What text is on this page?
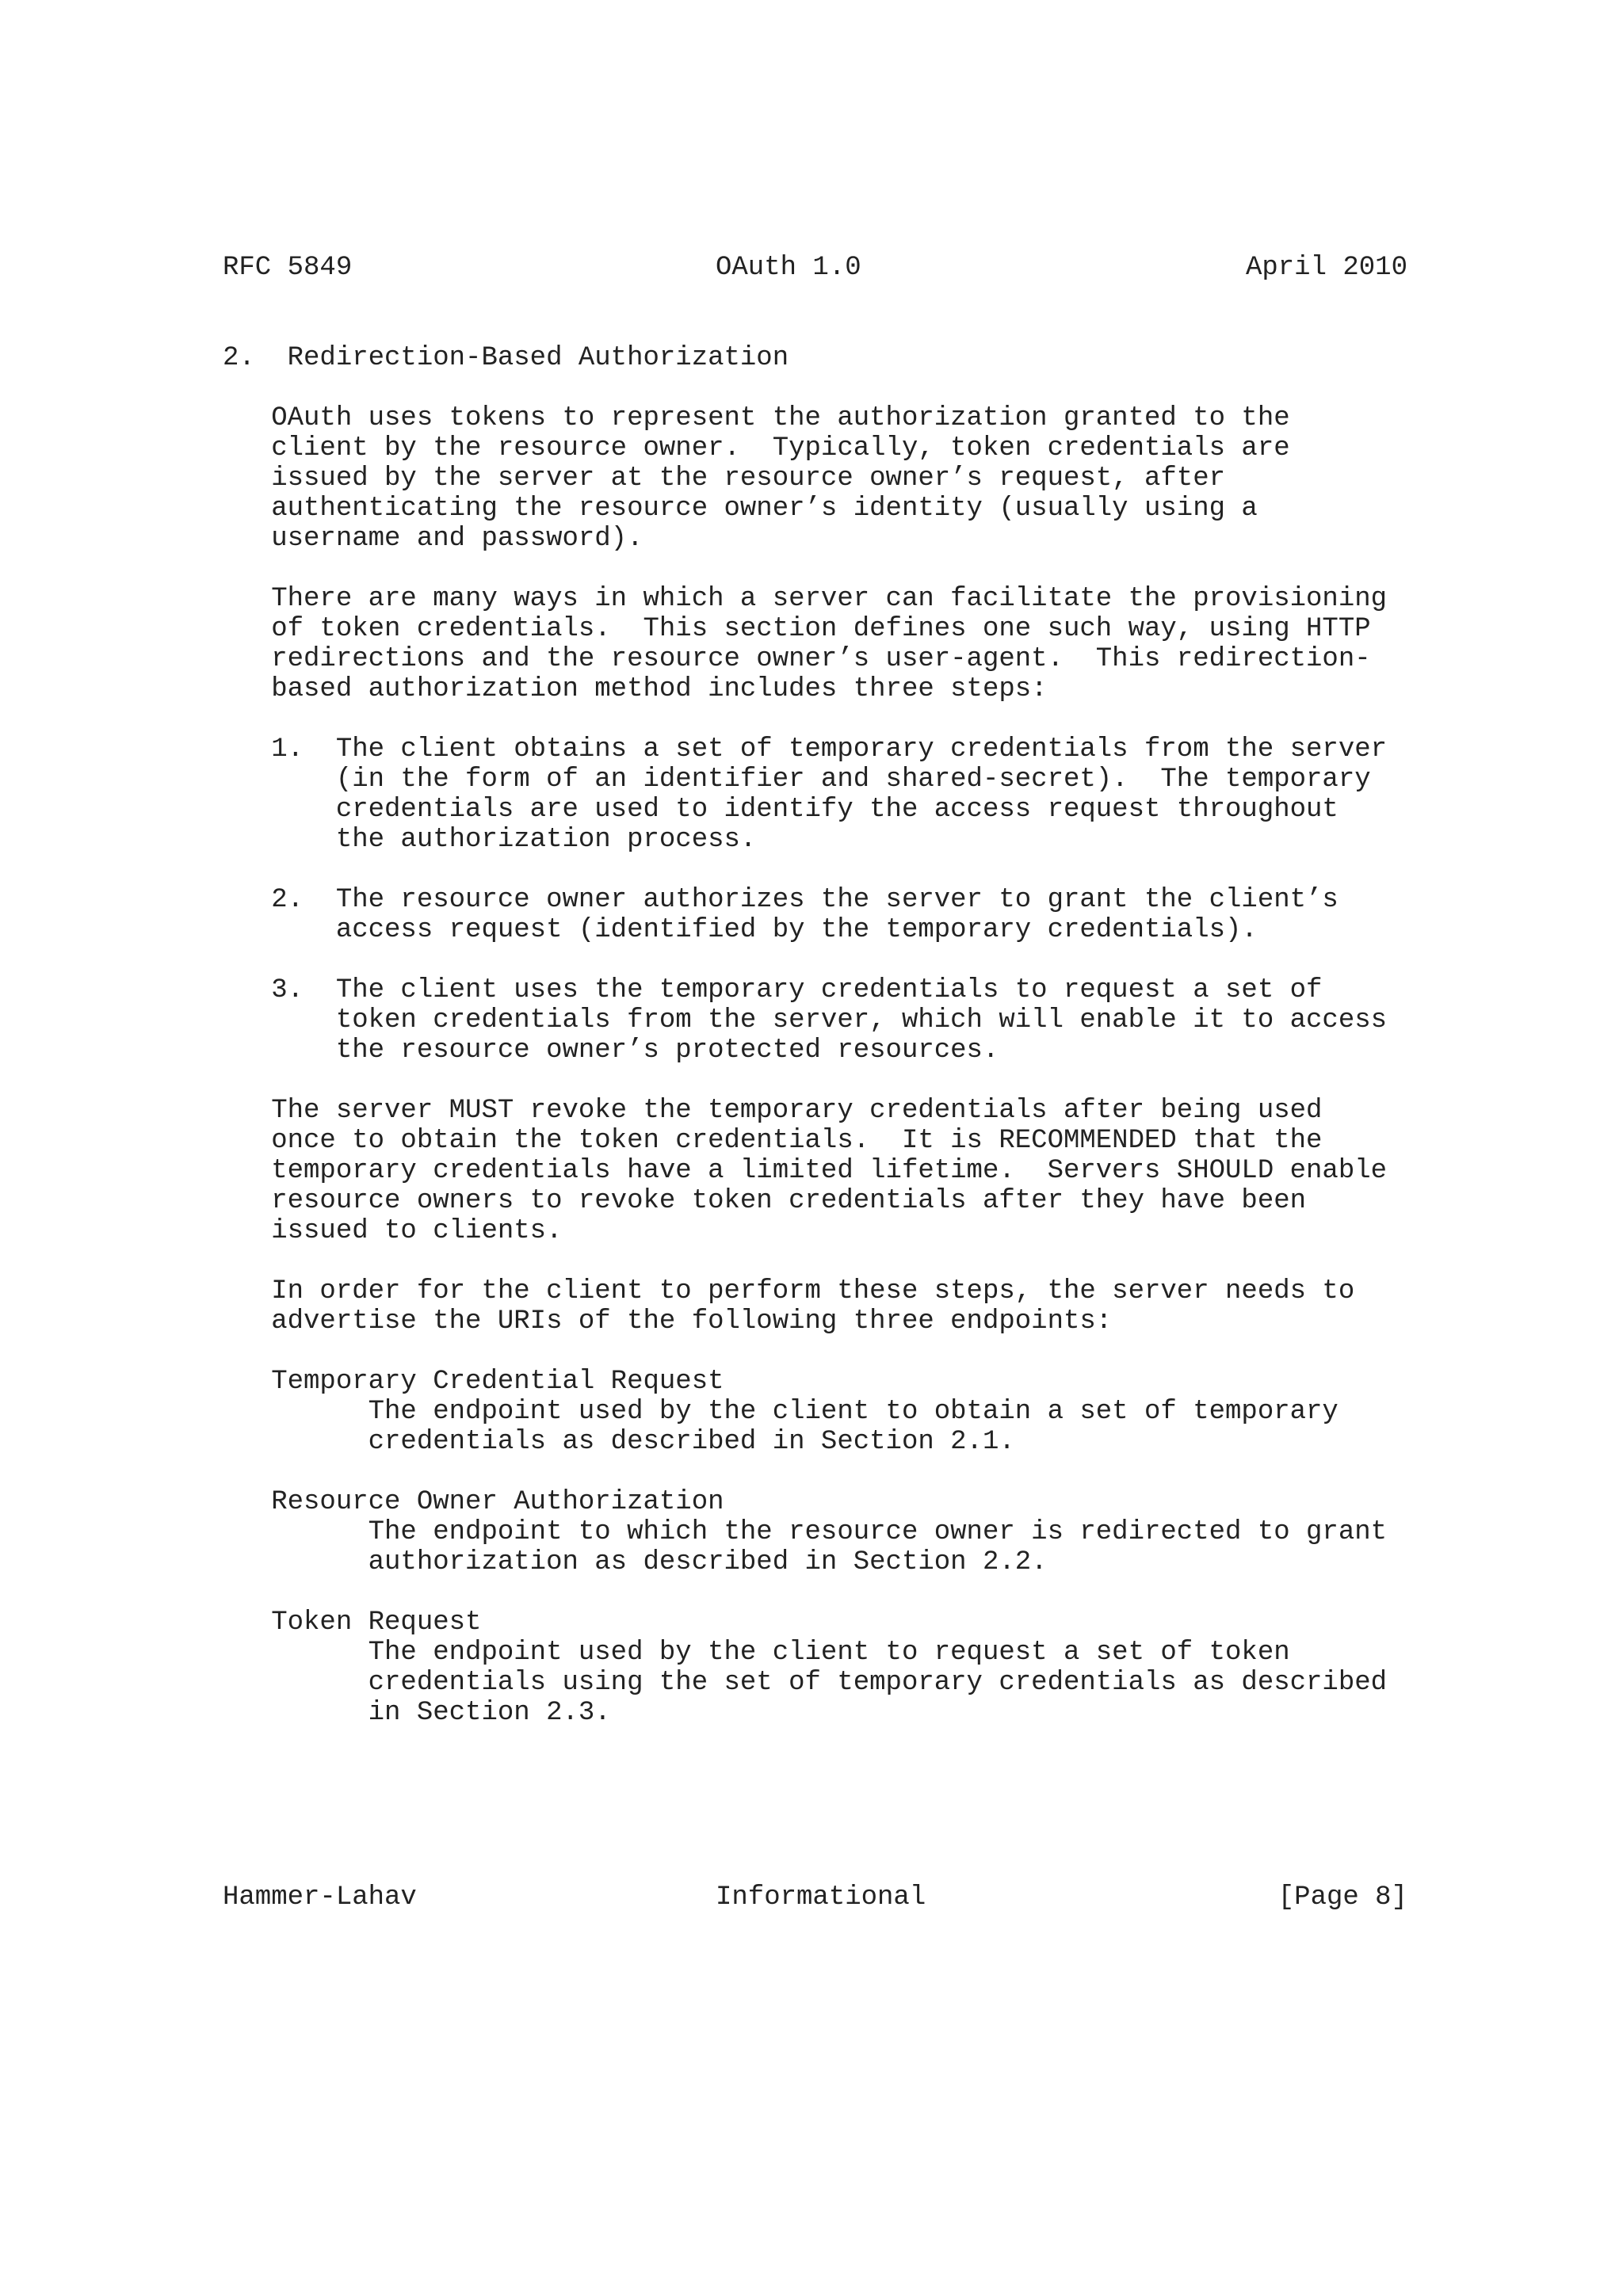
RFC 5849	OAuth 1.0	April 2010
2.  Redirection-Based Authorization
OAuth uses tokens to represent the authorization granted to the
client by the resource owner.  Typically, token credentials are
issued by the server at the resource owner’s request, after
authenticating the resource owner’s identity (usually using a
username and password).
There are many ways in which a server can facilitate the provisioning
of token credentials.  This section defines one such way, using HTTP
redirections and the resource owner’s user-agent.  This redirection-
based authorization method includes three steps:
1.  The client obtains a set of temporary credentials from the server
(in the form of an identifier and shared-secret).  The temporary
credentials are used to identify the access request throughout
the authorization process.
2.  The resource owner authorizes the server to grant the client’s
access request (identified by the temporary credentials).
3.  The client uses the temporary credentials to request a set of
token credentials from the server, which will enable it to access
the resource owner’s protected resources.
The server MUST revoke the temporary credentials after being used
once to obtain the token credentials.  It is RECOMMENDED that the
temporary credentials have a limited lifetime.  Servers SHOULD enable
resource owners to revoke token credentials after they have been
issued to clients.
In order for the client to perform these steps, the server needs to
advertise the URIs of the following three endpoints:
Temporary Credential Request
The endpoint used by the client to obtain a set of temporary
credentials as described in Section 2.1.
Resource Owner Authorization
The endpoint to which the resource owner is redirected to grant
authorization as described in Section 2.2.
Token Request
The endpoint used by the client to request a set of token
credentials using the set of temporary credentials as described
in Section 2.3.
Hammer-Lahav	Informational	[Page 8]
